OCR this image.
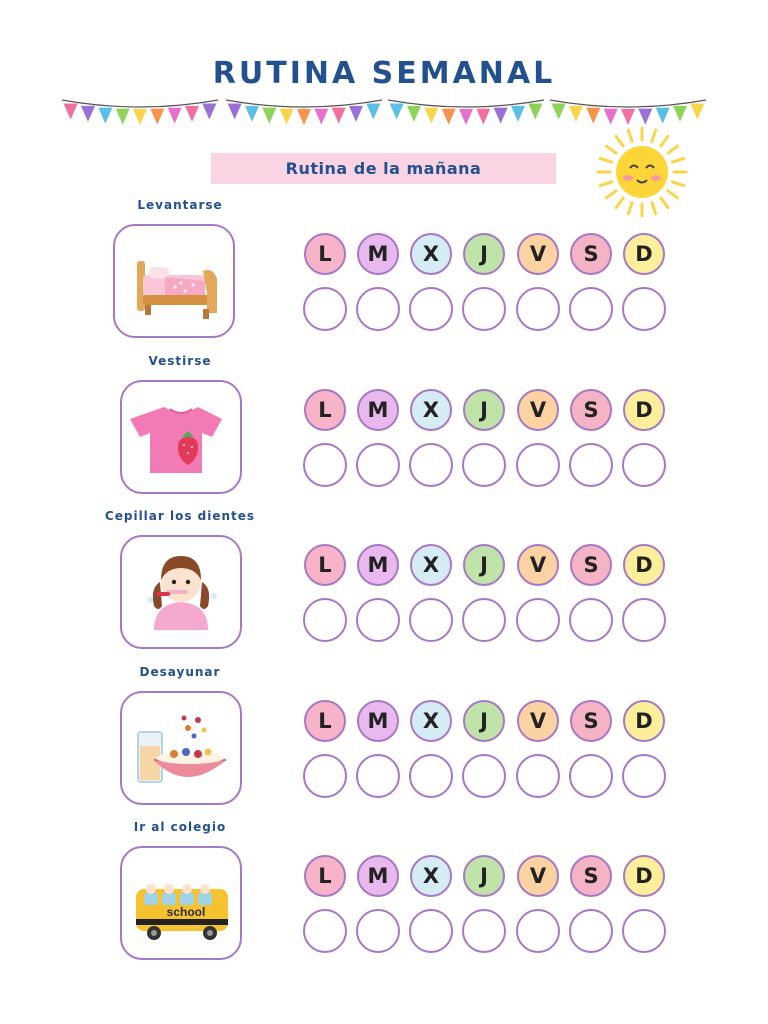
RUTINA SEMANAL
Rutina de la mañana
Levantarse
L	M	X	J	V	S	D
Vestirse
L	M	X	J	V	S	D
Cepillar los dientes
L	M	X	J	V	S	D
Desayunar
L	M	X	J	V	S	D
Ir al colegio
school
L	M	X	J	V	S	D
